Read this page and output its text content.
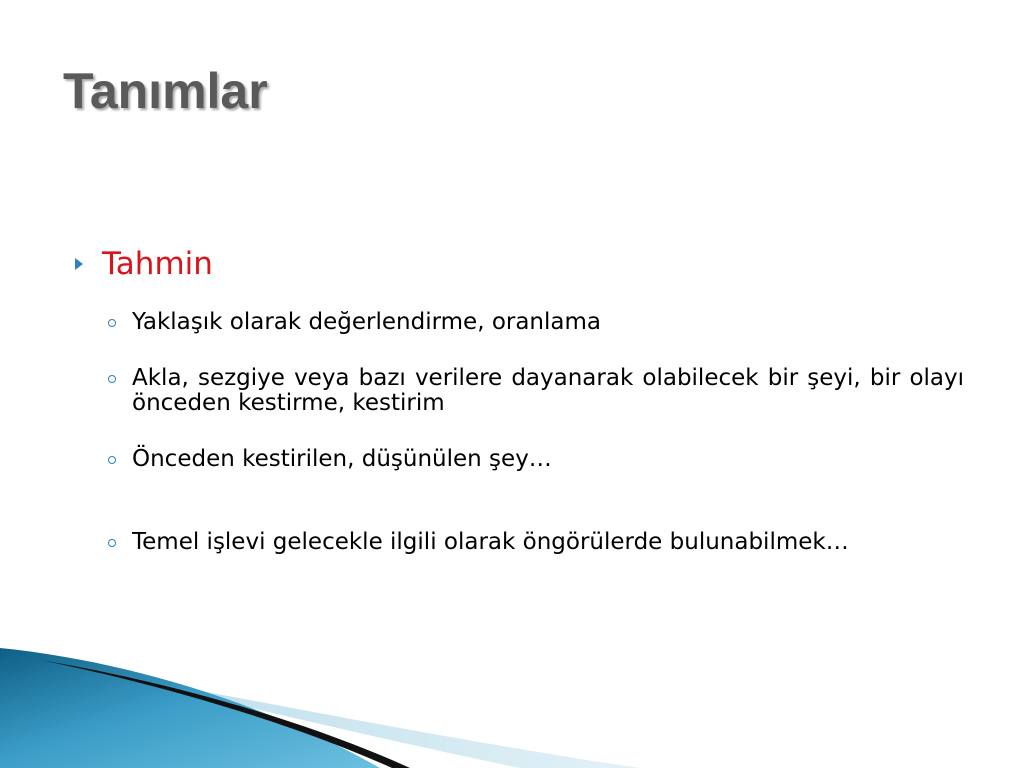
Tanımlar
Tahmin
Yaklaşık olarak değerlendirme, oranlama
Akla, sezgiye veya bazı verilere dayanarak olabilecek bir şeyi, bir olayı önceden kestirme, kestirim
Önceden kestirilen, düşünülen şey…
Temel işlevi gelecekle ilgili olarak öngörülerde bulunabilmek…
